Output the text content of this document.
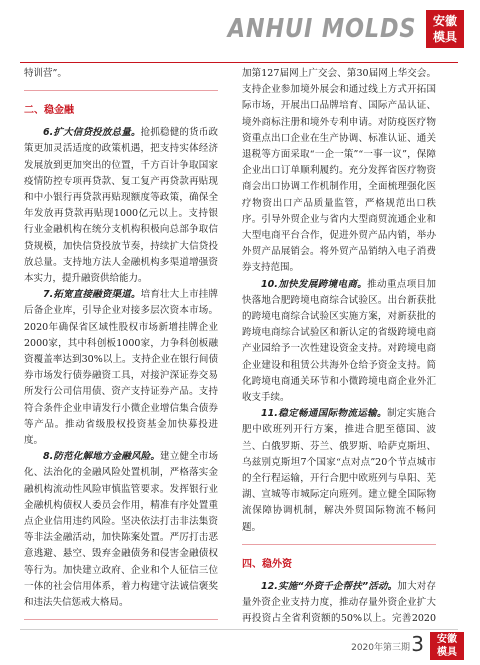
ANHUI MOLDS	安徽
模具

特训营”。

二、稳金融

6.扩大信贷投放总量。抢抓稳健的货币政策更加灵活适度的政策机遇，把支持实体经济发展放到更加突出的位置，千方百计争取国家疫情防控专项再贷款、复工复产再贷款再贴现和中小银行再贷款再贴现额度等政策，确保全年发放再贷款再贴现1000亿元以上。支持银行业金融机构在统分支机构积极向总部争取信贷规模，加快信贷投放节奏，持续扩大信贷投放总量。支持地方法人金融机构多渠道增强资本实力，提升融资供给能力。

7.拓宽直接融资渠道。培育壮大上市挂牌后备企业库，引导企业对接多层次资本市场。2020年确保省区域性股权市场新增挂牌企业2000家，其中科创板1000家，力争科创板融资覆盖率达到30%以上。支持企业在银行间债券市场发行债券融资工具，对接沪深证券交易所发行公司信用债、资产支持证券产品。支持符合条件企业申请发行小微企业增信集合债券等产品。推动省级股权投资基金加快募投进度。

8.防范化解地方金融风险。建立健全市场化、法治化的金融风险处置机制，严格落实金融机构流动性风险审慎监管要求。发挥银行业金融机构债权人委员会作用，精准有序处置重点企业信用违约风险。坚决依法打击非法集资等非法金融活动，加快陈案处置。严厉打击恶意逃避、悬空、毁弃金融债务和侵害金融债权等行为。加快建立政府、企业和个人征信三位一体的社会信用体系，着力构建守法诚信褒奖和违法失信惩戒大格局。

加第127届网上广交会、第30届网上华交会。支持企业参加境外展会和通过线上方式开拓国际市场，开展出口品牌培育、国际产品认证、境外商标注册和境外专利申请。对防疫医疗物资重点出口企业在生产协调、标准认证、通关退税等方面采取“一企一策”“一事一议”，保障企业出口订单顺利履约。充分发挥省医疗物资商会出口协调工作机制作用，全面梳理强化医疗物资出口产品质量监管，严格规范出口秩序。引导外贸企业与省内大型商贸流通企业和大型电商平台合作，促进外贸产品内销，举办外贸产品展销会。将外贸产品销纳入电子消费券支持范围。

10.加快发展跨境电商。推动重点项目加快落地合肥跨境电商综合试验区。出台新获批的跨境电商综合试验区实施方案，对新获批的跨境电商综合试验区和新认定的省级跨境电商产业园给予一次性建设资金支持。对跨境电商企业建设和租赁公共海外仓给予资金支持。简化跨境电商通关环节和小微跨境电商企业外汇收支手续。

11.稳定畅通国际物流运输。制定实施合肥中欧班列开行方案，推进合肥至德国、波兰、白俄罗斯、芬兰、俄罗斯、哈萨克斯坦、乌兹别克斯坦7个国家“点对点”20个节点城市的全行程运输，开行合肥中欧班列与阜阳、芜湖、宣城等市城际定向班列。建立健全国际物流保障协调机制，解决外贸国际物流不畅问题。

四、稳外资

12.实施“外资千企帮扶”活动。加大对存量外资企业支持力度，推动存量外资企业扩大再投资占全省利资额的50%以上。完善2020

2020年第三期 3	安徽
模具
